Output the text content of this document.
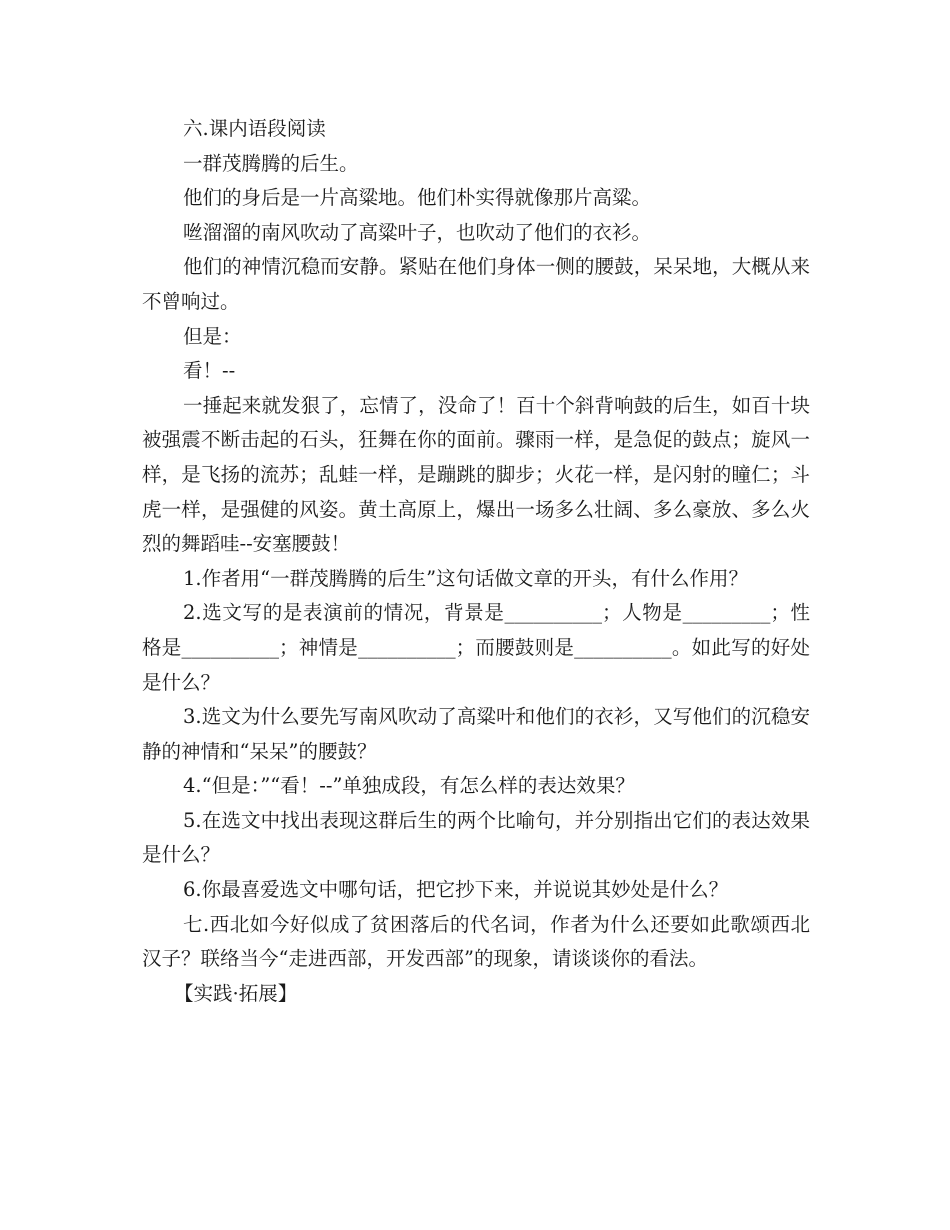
六.课内语段阅读

一群茂腾腾的后生。

他们的身后是一片高粱地。他们朴实得就像那片高粱。

咝溜溜的南风吹动了高粱叶子，也吹动了他们的衣衫。

他们的神情沉稳而安静。紧贴在他们身体一侧的腰鼓，呆呆地，大概从来不曾响过。

但是：

看！--

一捶起来就发狠了，忘情了，没命了！百十个斜背响鼓的后生，如百十块被强震不断击起的石头，狂舞在你的面前。骤雨一样，是急促的鼓点；旋风一样，是飞扬的流苏；乱蛙一样，是蹦跳的脚步；火花一样，是闪射的瞳仁；斗虎一样，是强健的风姿。黄土高原上，爆出一场多么壮阔、多么豪放、多么火烈的舞蹈哇--安塞腰鼓！

1.作者用“一群茂腾腾的后生”这句话做文章的开头，有什么作用？

2.选文写的是表演前的情况，背景是__________；人物是_________；性格是__________；神情是__________；而腰鼓则是__________。如此写的好处是什么？

3.选文为什么要先写南风吹动了高粱叶和他们的衣衫，又写他们的沉稳安静的神情和“呆呆”的腰鼓？

4.“但是：”“看！--”单独成段，有怎么样的表达效果？

5.在选文中找出表现这群后生的两个比喻句，并分别指出它们的表达效果是什么？

6.你最喜爱选文中哪句话，把它抄下来，并说说其妙处是什么？

七.西北如今好似成了贫困落后的代名词，作者为什么还要如此歌颂西北汉子？联络当今“走进西部，开发西部”的现象，请谈谈你的看法。

【实践·拓展】
